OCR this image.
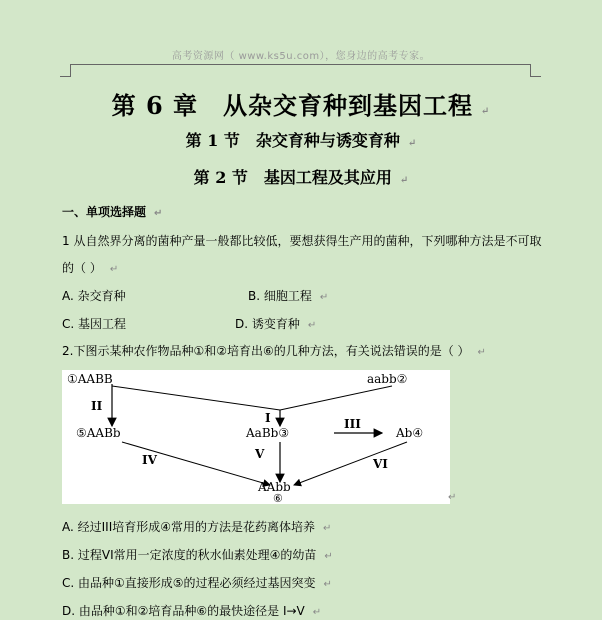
高考资源网（ www.ks5u.com），您身边的高考专家。
第 6 章　从杂交育种到基因工程 ↵
第 1 节　杂交育种与诱变育种 ↵
第 2 节　基因工程及其应用 ↵
一、单项选择题 ↵
1 从自然界分离的菌种产量一般都比较低，要想获得生产用的菌种，下列哪种方法是不可取
的（ ） ↵
A. 杂交育种	B. 细胞工程 ↵
C. 基因工程	D. 诱变育种 ↵
2.下图示某种农作物品种①和②培育出⑥的几种方法，有关说法错误的是（ ） ↵
①AABB	aabb②
⑤AABb	AaBb③	Ab④
AAbb
⑥
II
I	III
IV	V
VI
↵
A. 经过III培育形成④常用的方法是花药离体培养 ↵
B. 过程VI常用一定浓度的秋水仙素处理④的幼苗 ↵
C. 由品种①直接形成⑤的过程必须经过基因突变 ↵
D. 由品种①和②培育品种⑥的最快途径是 I→V ↵
